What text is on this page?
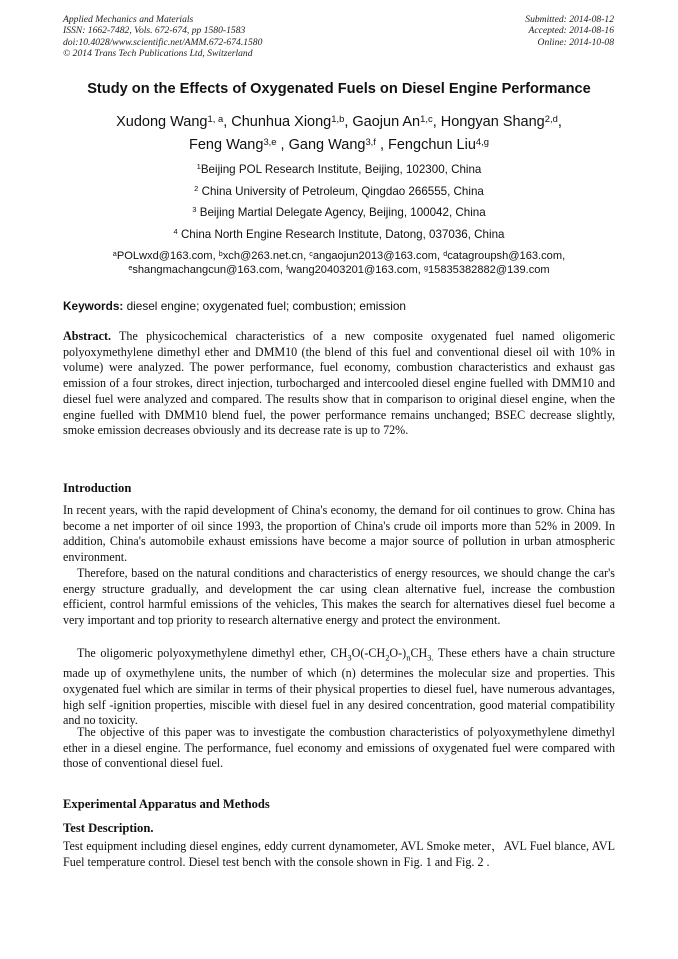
Applied Mechanics and Materials
ISSN: 1662-7482, Vols. 672-674, pp 1580-1583
doi:10.4028/www.scientific.net/AMM.672-674.1580
© 2014 Trans Tech Publications Ltd, Switzerland
Submitted: 2014-08-12
Accepted: 2014-08-16
Online: 2014-10-08
Study on the Effects of Oxygenated Fuels on Diesel Engine Performance
Xudong Wang$^{1, a}$, Chunhua Xiong$^{1,b}$, Gaojun An$^{1,c}$, Hongyan Shang$^{2,d}$,
Feng Wang$^{3,e}$ , Gang Wang$^{3,f}$ , Fengchun Liu$^{4,g}$
$^1$Beijing POL Research Institute, Beijing, 102300, China
$^2$ China University of Petroleum, Qingdao 266555, China
$^3$ Beijing Martial Delegate Agency, Beijing, 100042, China
$^4$ China North Engine Research Institute, Datong, 037036, China
$^a$POLwxd@163.com, $^b$xch@263.net.cn, $^c$angaojun2013@163.com, $^d$catagroupsh@163.com,
$^e$shangmachangcun@163.com, $^f$wang20403201@163.com, $^g$15835382882@139.com
Keywords: diesel engine; oxygenated fuel; combustion; emission
Abstract. The physicochemical characteristics of a new composite oxygenated fuel named oligomeric polyoxymethylene dimethyl ether and DMM10 (the blend of this fuel and conventional diesel oil with 10% in volume) were analyzed. The power performance, fuel economy, combustion characteristics and exhaust gas emission of a four strokes, direct injection, turbocharged and intercooled diesel engine fuelled with DMM10 and diesel fuel were analyzed and compared. The results show that in comparison to original diesel engine, when the engine fuelled with DMM10 blend fuel, the power performance remains unchanged; BSEC decrease slightly, smoke emission decreases obviously and its decrease rate is up to 72%.
Introduction
In recent years, with the rapid development of China's economy, the demand for oil continues to grow. China has become a net importer of oil since 1993, the proportion of China's crude oil imports more than 52% in 2009. In addition, China's automobile exhaust emissions have become a major source of pollution in urban atmospheric environment.
Therefore, based on the natural conditions and characteristics of energy resources, we should change the car's energy structure gradually, and development the car using clean alternative fuel, increase the combustion efficient, control harmful emissions of the vehicles, This makes the search for alternatives diesel fuel become a very important and top priority to research alternative energy and protect the environment.
The oligomeric polyoxymethylene dimethyl ether, $CH_3O(-CH_2O-)_nCH_{3.}$ These ethers have a chain structure made up of oxymethylene units, the number of which (n) determines the molecular size and properties. This oxygenated fuel which are similar in terms of their physical properties to diesel fuel, have numerous advantages, high self -ignition properties, miscible with diesel fuel in any desired concentration, good material compatibility and no toxicity.
The objective of this paper was to investigate the combustion characteristics of polyoxymethylene dimethyl ether in a diesel engine. The performance, fuel economy and emissions of oxygenated fuel were compared with those of conventional diesel fuel.
Experimental Apparatus and Methods
Test Description.
Test equipment including diesel engines, eddy current dynamometer, AVL Smoke meter，AVL Fuel blance, AVL Fuel temperature control. Diesel test bench with the console shown in Fig. 1 and Fig. 2 .
